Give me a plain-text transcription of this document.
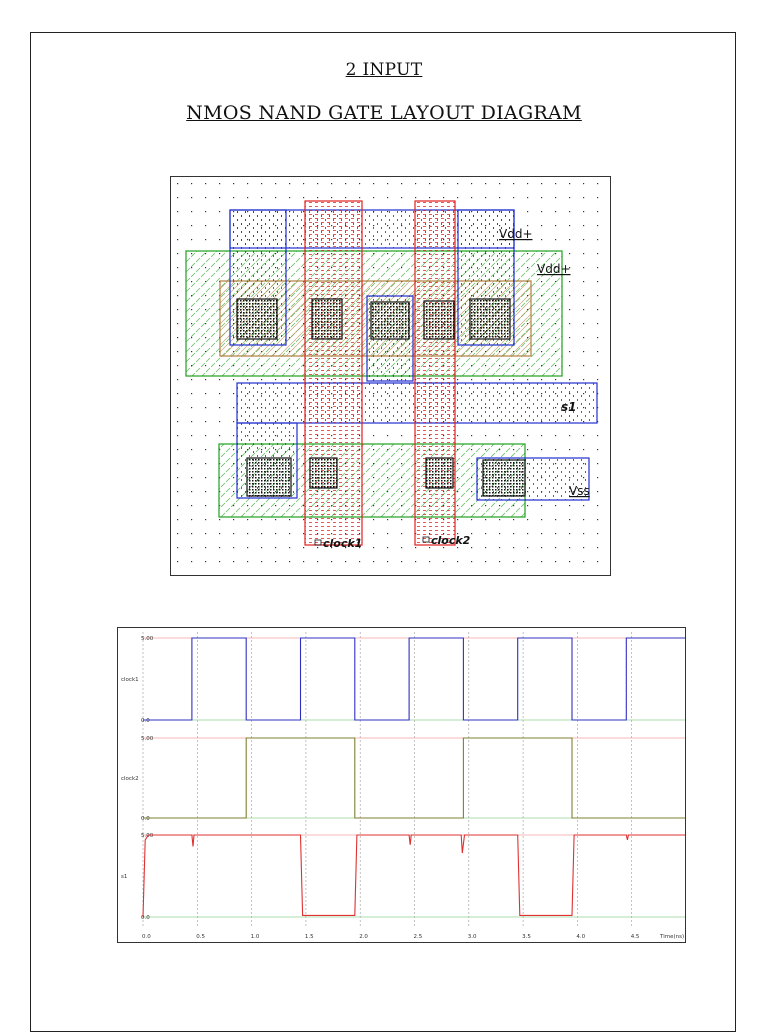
2 INPUT
NMOS NAND GATE LAYOUT DIAGRAM
Vdd+
Vdd+
s1
Vss
clock1	clock2
5.00
0.0
clock1
5.00
0.0
clock2
5.00
0.0
s1
0.0	0.5	1.0	1.5	2.0	2.5	3.0	3.5	4.0	4.5	Time(ns)
